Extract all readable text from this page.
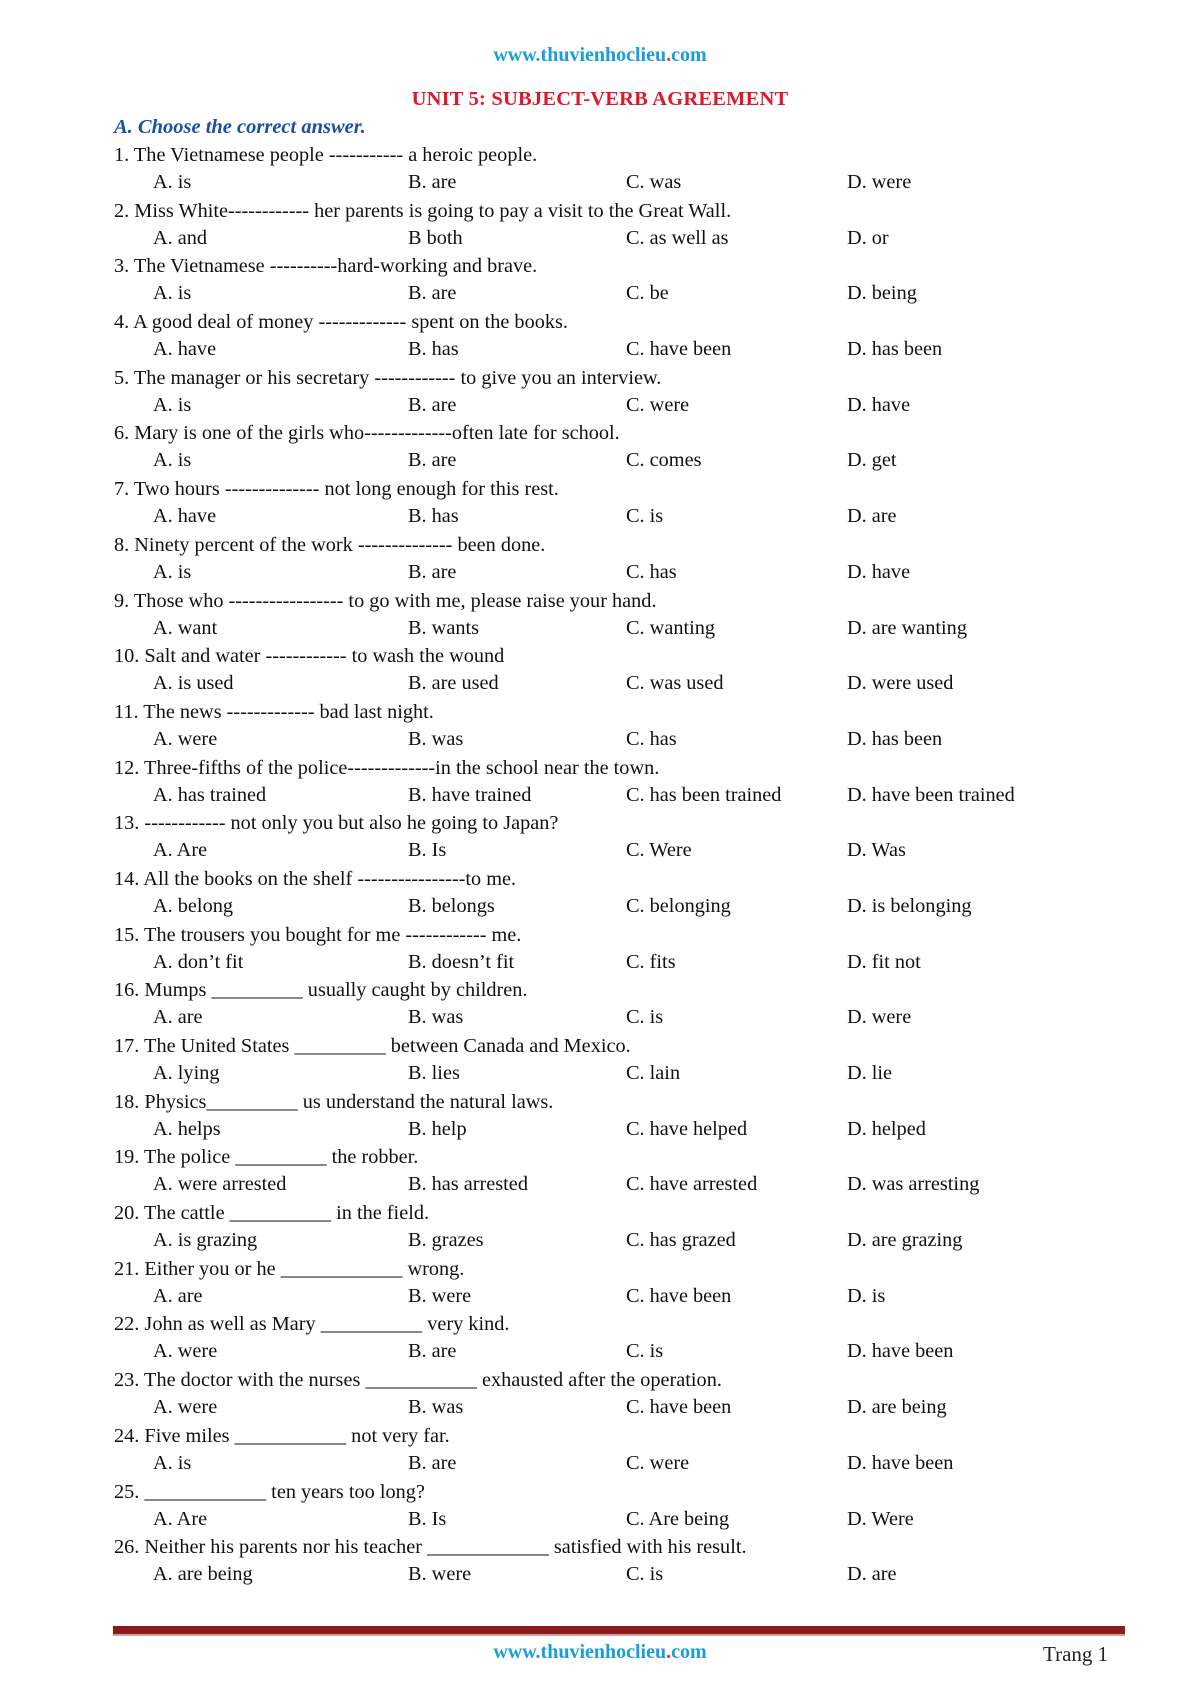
www.thuvienhoclieu.com
UNIT 5: SUBJECT-VERB AGREEMENT
A. Choose the correct answer.
1. The Vietnamese people ----------- a heroic people.
A. is	B. are	C. was	D. were
2. Miss White------------ her parents is going to pay a visit to the Great Wall.
A. and	B both	C. as well as	D. or
3. The Vietnamese ----------hard-working and brave.
A. is	B. are	C. be	D. being
4. A good deal of money ------------- spent on the books.
A. have	B. has	C. have been	D. has been
5. The manager or his secretary ------------ to give you an interview.
A. is	B. are	C. were	D. have
6. Mary is one of the girls who-------------often late for school.
A. is	B. are	C. comes	D. get
7. Two hours -------------- not long enough for this rest.
A. have	B. has	C. is	D. are
8. Ninety percent of the work -------------- been done.
A. is	B. are	C. has	D. have
9. Those who ----------------- to go with me, please raise your hand.
A. want	B. wants	C. wanting	D. are wanting
10. Salt and water ------------ to wash the wound
A. is used	B. are used	C. was used	D. were used
11. The news ------------- bad last night.
A. were	B. was	C. has	D. has been
12. Three-fifths of the police-------------in the school near the town.
A. has trained	B. have trained	C. has been trained	D. have been trained
13. ------------ not only you but also he going to Japan?
A. Are	B. Is	C. Were	D. Was
14. All the books on the shelf ----------------to me.
A. belong	B. belongs	C. belonging	D. is belonging
15. The trousers you bought for me ------------ me.
A. don’t fit	B. doesn’t fit	C. fits	D. fit not
16. Mumps _________ usually caught by children.
A. are	B. was	C. is	D. were
17. The United States _________ between Canada and Mexico.
A. lying	B. lies	C. lain	D. lie
18. Physics_________ us understand the natural laws.
A. helps	B. help	C. have helped	D. helped
19. The police _________ the robber.
A. were arrested	B. has arrested	C. have arrested	D. was arresting
20. The cattle __________ in the field.
A. is grazing	B. grazes	C. has grazed	D. are grazing
21. Either you or he ____________ wrong.
A. are	B. were	C. have been	D. is
22. John as well as Mary __________ very kind.
A. were	B. are	C. is	D. have been
23. The doctor with the nurses ___________ exhausted after the operation.
A. were	B. was	C. have been	D. are being
24. Five miles ___________ not very far.
A. is	B. are	C. were	D. have been
25. ____________ ten years too long?
A. Are	B. Is	C. Are being	D. Were
26. Neither his parents nor his teacher ____________ satisfied with his result.
A. are being	B. were	C. is	D. are
www.thuvienhoclieu.com	Trang 1
